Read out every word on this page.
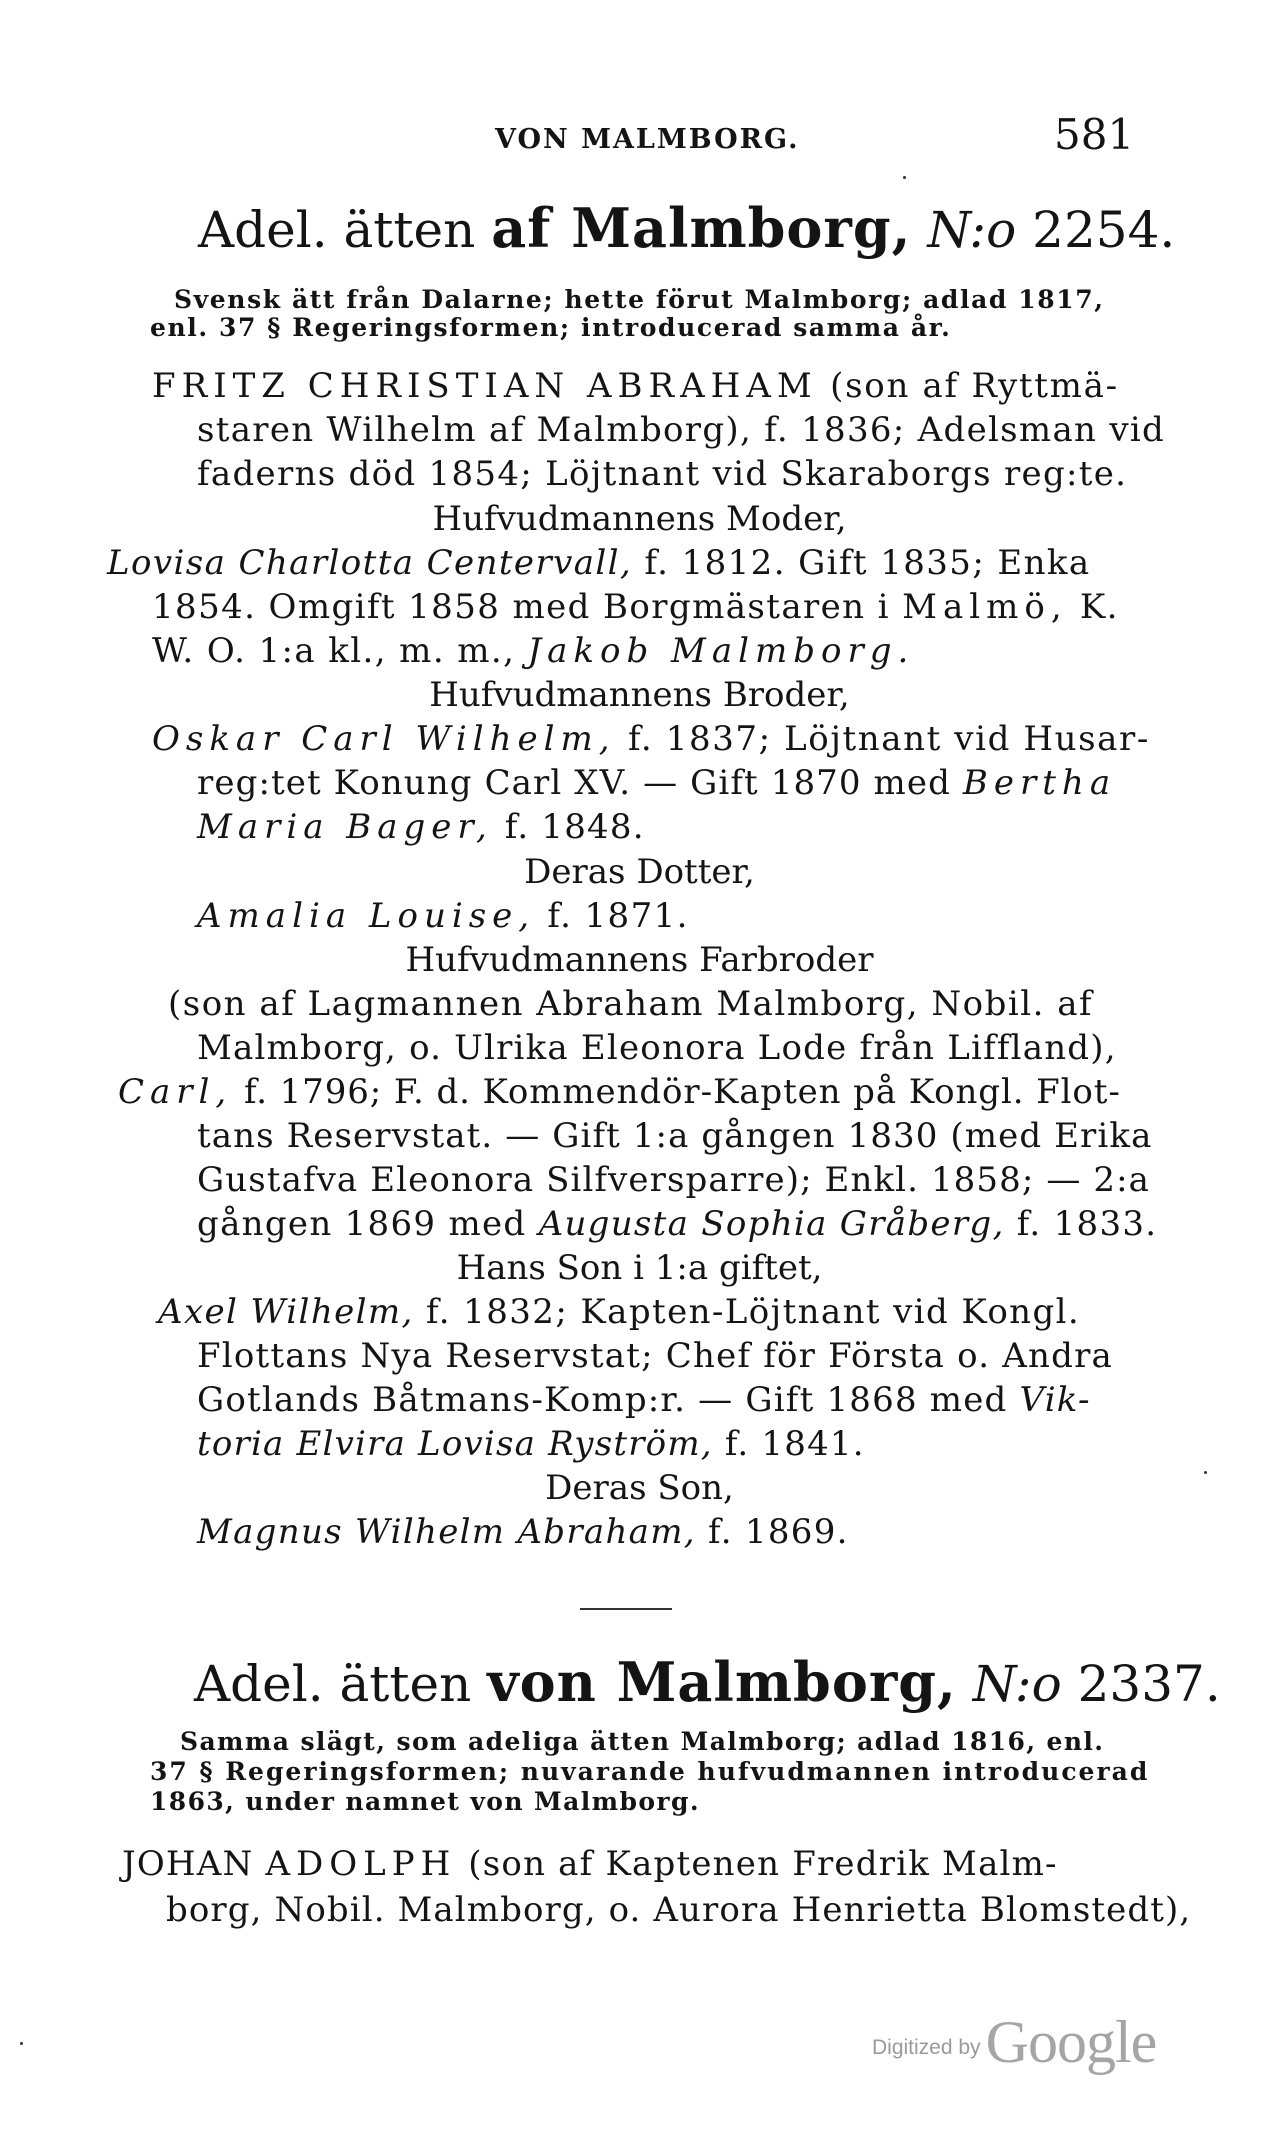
VON MALMBORG.	581
Adel. ätten af Malmborg, N:o 2254.
Svensk ätt från Dalarne; hette förut Malmborg; adlad 1817,
enl. 37 § Regeringsformen; introducerad samma år.
FRITZ CHRISTIAN ABRAHAM (son af Ryttmä-
staren Wilhelm af Malmborg), f. 1836; Adelsman vid
faderns död 1854; Löjtnant vid Skaraborgs reg:te.
Hufvudmannens Moder,
Lovisa Charlotta Centervall, f. 1812. Gift 1835; Enka
1854. Omgift 1858 med Borgmästaren i Malmö, K.
W. O. 1:a kl., m. m., Jakob Malmborg.
Hufvudmannens Broder,
Oskar Carl Wilhelm, f. 1837; Löjtnant vid Husar-
reg:tet Konung Carl XV. — Gift 1870 med Bertha
Maria Bager, f. 1848.
Deras Dotter,
Amalia Louise, f. 1871.
Hufvudmannens Farbroder
(son af Lagmannen Abraham Malmborg, Nobil. af
Malmborg, o. Ulrika Eleonora Lode från Liffland),
Carl, f. 1796; F. d. Kommendör-Kapten på Kongl. Flot-
tans Reservstat. — Gift 1:a gången 1830 (med Erika
Gustafva Eleonora Silfversparre); Enkl. 1858; — 2:a
gången 1869 med Augusta Sophia Gråberg, f. 1833.
Hans Son i 1:a giftet,
Axel Wilhelm, f. 1832; Kapten-Löjtnant vid Kongl.
Flottans Nya Reservstat; Chef för Första o. Andra
Gotlands Båtmans-Komp:r. — Gift 1868 med Vik-
toria Elvira Lovisa Ryström, f. 1841.
Deras Son,
Magnus Wilhelm Abraham, f. 1869.
Adel. ätten von Malmborg, N:o 2337.
Samma slägt, som adeliga ätten Malmborg; adlad 1816, enl.
37 § Regeringsformen; nuvarande hufvudmannen introducerad
1863, under namnet von Malmborg.
JOHAN ADOLPH (son af Kaptenen Fredrik Malm-
borg, Nobil. Malmborg, o. Aurora Henrietta Blomstedt),
Digitized by Google
